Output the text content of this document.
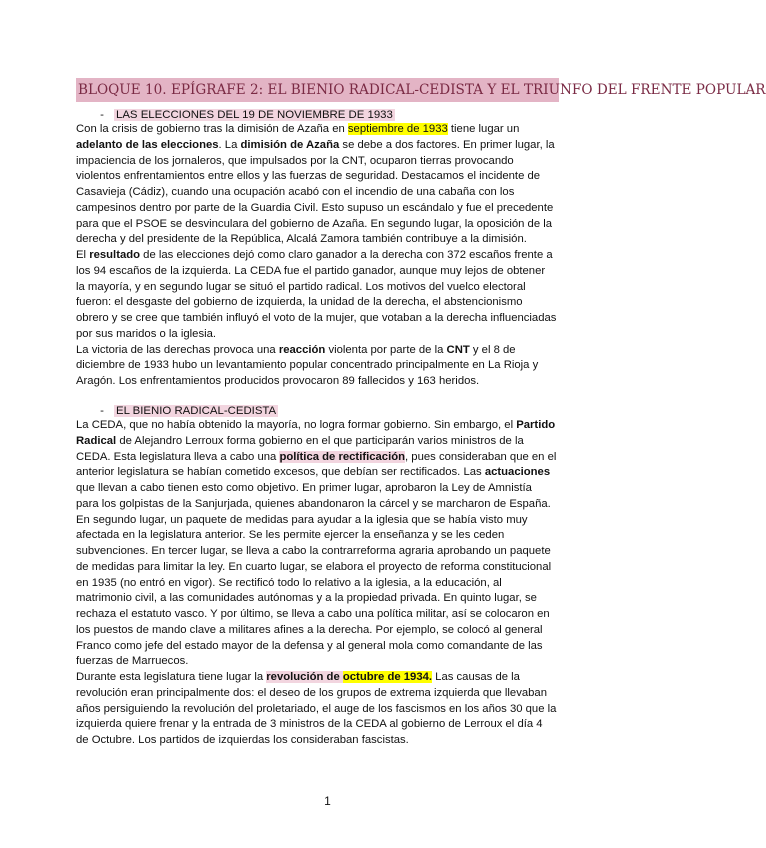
BLOQUE 10. EPÍGRAFE 2: EL BIENIO RADICAL-CEDISTA Y EL TRIUNFO DEL FRENTE POPULAR
- LAS ELECCIONES DEL 19 DE NOVIEMBRE DE 1933
Con la crisis de gobierno tras la dimisión de Azaña en septiembre de 1933 tiene lugar un
adelanto de las elecciones. La dimisión de Azaña se debe a dos factores. En primer lugar, la
impaciencia de los jornaleros, que impulsados por la CNT, ocuparon tierras provocando
violentos enfrentamientos entre ellos y las fuerzas de seguridad. Destacamos el incidente de
Casavieja (Cádiz), cuando una ocupación acabó con el incendio de una cabaña con los
campesinos dentro por parte de la Guardia Civil. Esto supuso un escándalo y fue el precedente
para que el PSOE se desvinculara del gobierno de Azaña. En segundo lugar, la oposición de la
derecha y del presidente de la República, Alcalá Zamora también contribuye a la dimisión.
El resultado de las elecciones dejó como claro ganador a la derecha con 372 escaños frente a
los 94 escaños de la izquierda. La CEDA fue el partido ganador, aunque muy lejos de obtener
la mayoría, y en segundo lugar se situó el partido radical. Los motivos del vuelco electoral
fueron: el desgaste del gobierno de izquierda, la unidad de la derecha, el abstencionismo
obrero y se cree que también influyó el voto de la mujer, que votaban a la derecha influenciadas
por sus maridos o la iglesia.
La victoria de las derechas provoca una reacción violenta por parte de la CNT y el 8 de
diciembre de 1933 hubo un levantamiento popular concentrado principalmente en La Rioja y
Aragón. Los enfrentamientos producidos provocaron 89 fallecidos y 163 heridos.
- EL BIENIO RADICAL-CEDISTA
La CEDA, que no había obtenido la mayoría, no logra formar gobierno. Sin embargo, el Partido
Radical de Alejandro Lerroux forma gobierno en el que participarán varios ministros de la
CEDA. Esta legislatura lleva a cabo una política de rectificación, pues consideraban que en el
anterior legislatura se habían cometido excesos, que debían ser rectificados. Las actuaciones
que llevan a cabo tienen esto como objetivo. En primer lugar, aprobaron la Ley de Amnistía
para los golpistas de la Sanjurjada, quienes abandonaron la cárcel y se marcharon de España.
En segundo lugar, un paquete de medidas para ayudar a la iglesia que se había visto muy
afectada en la legislatura anterior. Se les permite ejercer la enseñanza y se les ceden
subvenciones. En tercer lugar, se lleva a cabo la contrarreforma agraria aprobando un paquete
de medidas para limitar la ley. En cuarto lugar, se elabora el proyecto de reforma constitucional
en 1935 (no entró en vigor). Se rectificó todo lo relativo a la iglesia, a la educación, al
matrimonio civil, a las comunidades autónomas y a la propiedad privada. En quinto lugar, se
rechaza el estatuto vasco. Y por último, se lleva a cabo una política militar, así se colocaron en
los puestos de mando clave a militares afines a la derecha. Por ejemplo, se colocó al general
Franco como jefe del estado mayor de la defensa y al general mola como comandante de las
fuerzas de Marruecos.
Durante esta legislatura tiene lugar la revolución de octubre de 1934. Las causas de la
revolución eran principalmente dos: el deseo de los grupos de extrema izquierda que llevaban
años persiguiendo la revolución del proletariado, el auge de los fascismos en los años 30 que la
izquierda quiere frenar y la entrada de 3 ministros de la CEDA al gobierno de Lerroux el día 4
de Octubre. Los partidos de izquierdas los consideraban fascistas.
1
